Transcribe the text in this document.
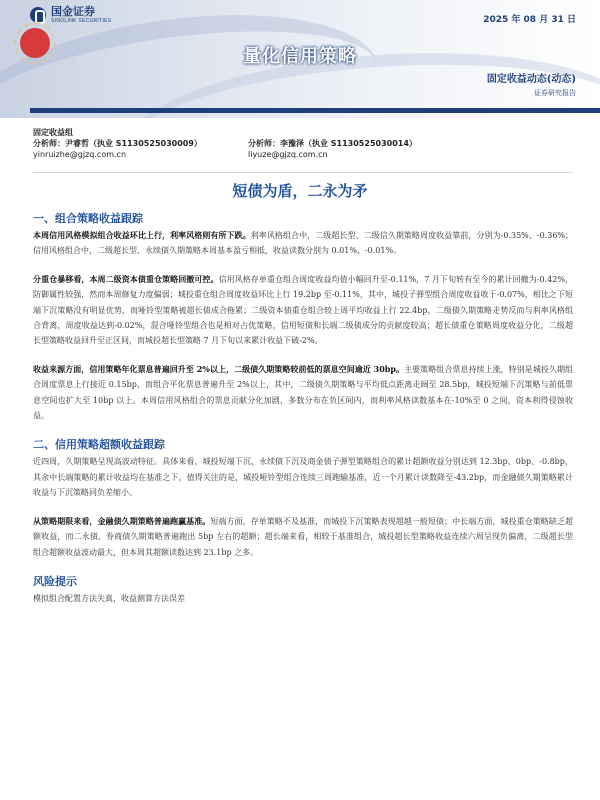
国金证券
SINOLINK SECURITIES	2025 年 08 月 31 日
量化信用策略
固定收益动态(动态)
证券研究报告
固定收益组
分析师：尹睿哲（执业 S1130525030009）	分析师：李豫泽（执业 S1130525030014）
yinruizhe@gjzq.com.cn	liyuze@gjzq.com.cn
短债为盾，二永为矛
一、组合策略收益跟踪

本周信用风格模拟组合收益环比上行，利率风格则有所下跌。利率风格组合中，二级超长型、二级信久期策略周度收益靠前，分别为-0.35%、-0.36%；信用风格组合中，二级超长型、永续债久期策略本周基本盈亏相抵，收益读数分别为 0.01%、-0.01%。

分重仓暴移看，本周二级资本债重仓策略回撤可控。信用风格存单重仓组合周度收益均值小幅回升至-0.11%，7 月下旬转有至今的累计回撤为-0.42%，防御属性较强，然而本周修复力度偏弱；城投重仓组合周度收益环比上行 19.2bp 至-0.11%，其中，城投子弹型组合周度收益收于-0.07%，相比之下短端下沉策略没有明显优势，而哑铃型策略被超长债成合拖累；二级资本债重仓组合较上周平均收益上行 22.4bp，二级债久期策略走势反而与利率风格组合背离，周度收益达到-0.02%，混合哑铃型组合也是相对占优策略，信用短债和长端二级债成分的贡献度较高；超长债重仓策略周度收益分化，二级超长型策略收益回升至正区间，而城投超长型策略 7 月下旬以来累计收益下破-2%。

收益来源方面，信用策略年化票息普遍回升至 2%以上，二级债久期策略较前低的票息空间逾近 30bp。主要策略组合票息持续上涨，特别是城投久期组合周度票息上行接近 0.15bp，而组合平化票息普遍升至 2%以上，其中，二级债久期策略与平均低点距离走阔至 28.5bp，城投短端下沉策略与前低票息空间也扩大至 10bp 以上。本周信用风格组合的票息贡献分化加剧，多数分布在负区间内，而利率风格读数基本在-10%至 0 之间，资本利得侵蚀收益。

二、信用策略超额收益跟踪

近四周，久期策略呈现高波动特征。具体来看，城投短端下沉、永续债下沉及商金债子弹型策略组合的累计超额收益分别达到 12.3bp、0bp、-0.8bp，其余中长端策略的累计收益均在基准之下。值得关注的是，城投哑铃型组合连续三周跑输基准，近一个月累计读数降至-43.2bp，而金融债久期策略累计收益与下沉策略同负差缩小。

从策略期限来看，金融债久期策略普遍跑赢基准。短端方面，存单策略不及基准，而城投下沉策略表现超越一般短债；中长端方面，城投重仓策略缺乏超额收益，而二永债、券商债久期策略普遍跑出 5bp 左右的超额；超长端来看，相较于基准组合，城投超长型策略收益连续六周呈现负偏离，二级超长型组合超额收益波动最大，但本周其超额读数达到 23.1bp 之多。

风险提示

模拟组合配置方法失真，收益测算方法误差
